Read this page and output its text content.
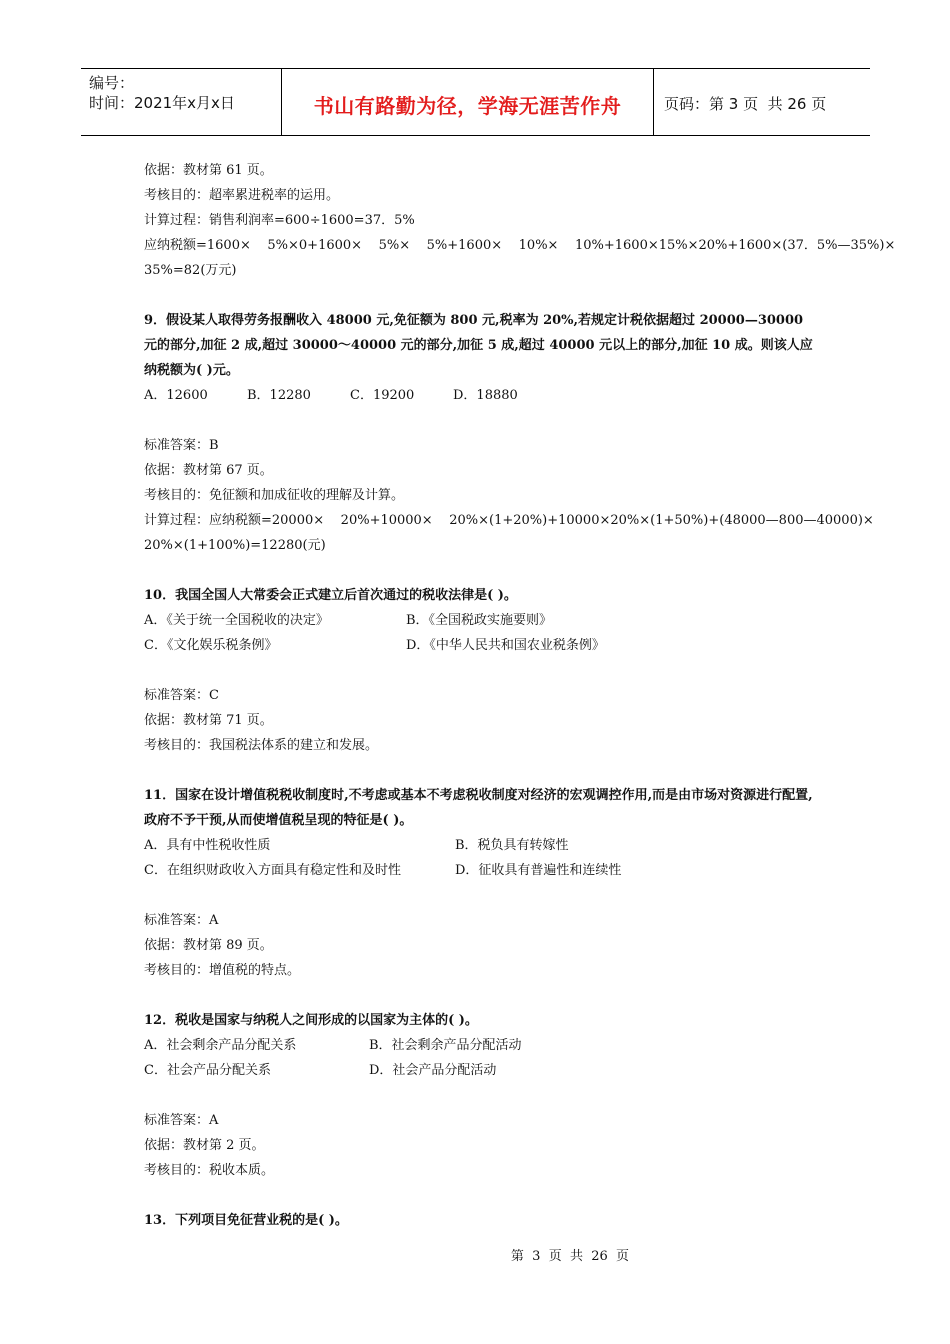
编号：
时间：2021年x月x日	书山有路勤为径，学海无涯苦作舟	页码：第 3 页  共 26 页
依据：教材第 61 页。
考核目的：超率累进税率的运用。
计算过程：销售利润率=600÷1600=37．5%
应纳税额=1600×    5%×0+1600×    5%×    5%+1600×    10%×    10%+1600×15%×20%+1600×(37．5%—35%)×
35%=82(万元)
9．假设某人取得劳务报酬收入 48000 元,免征额为 800 元,税率为 20%,若规定计税依据超过 20000—30000 元的部分,加征 2 成,超过 30000～40000 元的部分,加征 5 成,超过 40000 元以上的部分,加征 10 成。则该人应纳税额为( )元。
A．12600	B．12280	C．19200	D．18880
标准答案：B
依据：教材第 67 页。
考核目的：免征额和加成征收的理解及计算。
计算过程：应纳税额=20000×    20%+10000×    20%×(1+20%)+10000×20%×(1+50%)+(48000—800—40000)×
20%×(1+100%)=12280(元)
10．我国全国人大常委会正式建立后首次通过的税收法律是( )。
A．《关于统一全国税收的决定》	B．《全国税政实施要则》
C．《文化娱乐税条例》	D．《中华人民共和国农业税条例》
标准答案：C
依据：教材第 71 页。
考核目的：我国税法体系的建立和发展。
11．国家在设计增值税税收制度时,不考虑或基本不考虑税收制度对经济的宏观调控作用,而是由市场对资源进行配置,政府不予干预,从而使增值税呈现的特征是( )。
A．具有中性税收性质	B．税负具有转嫁性
C．在组织财政收入方面具有稳定性和及时性	D．征收具有普遍性和连续性
标准答案：A
依据：教材第 89 页。
考核目的：增值税的特点。
12．税收是国家与纳税人之间形成的以国家为主体的( )。
A．社会剩余产品分配关系	B．社会剩余产品分配活动
C．社会产品分配关系	D．社会产品分配活动
标准答案：A
依据：教材第 2 页。
考核目的：税收本质。
13．下列项目免征营业税的是( )。
第  3  页  共  26  页
